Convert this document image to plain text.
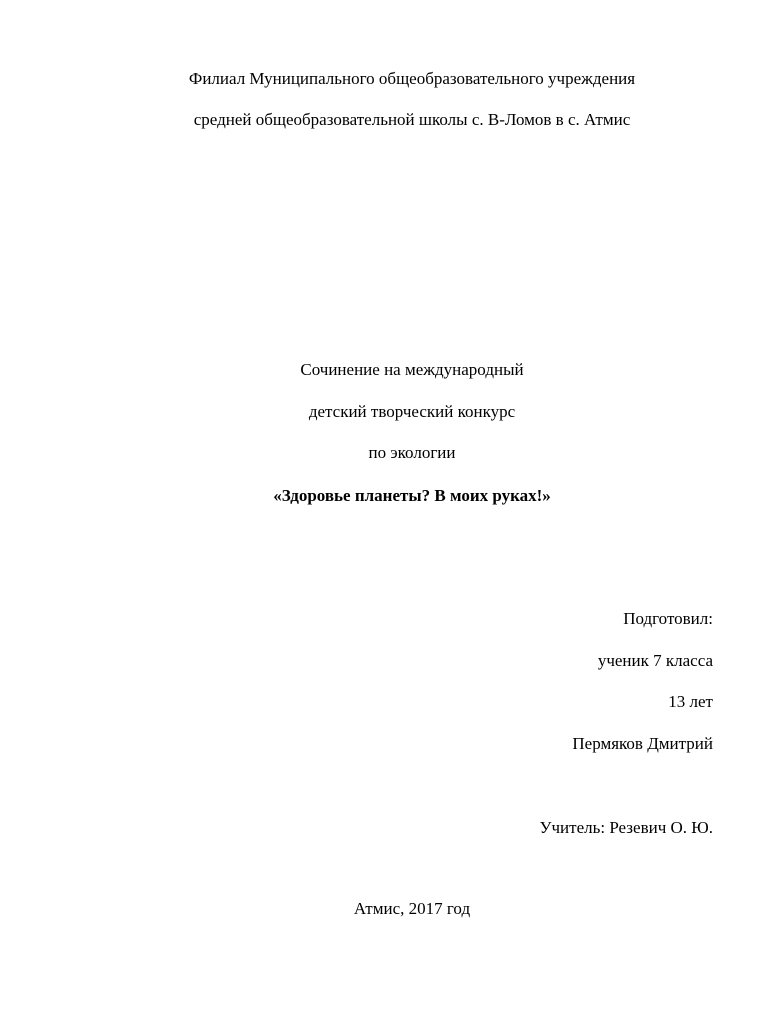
Филиал Муниципального общеобразовательного учреждения
средней общеобразовательной школы с. В-Ломов в с. Атмис
Сочинение на международный
детский творческий конкурс
по экологии
«Здоровье планеты? В моих руках!»
Подготовил:
ученик 7 класса
13 лет
Пермяков Дмитрий
Учитель: Резевич О. Ю.
Атмис, 2017 год
